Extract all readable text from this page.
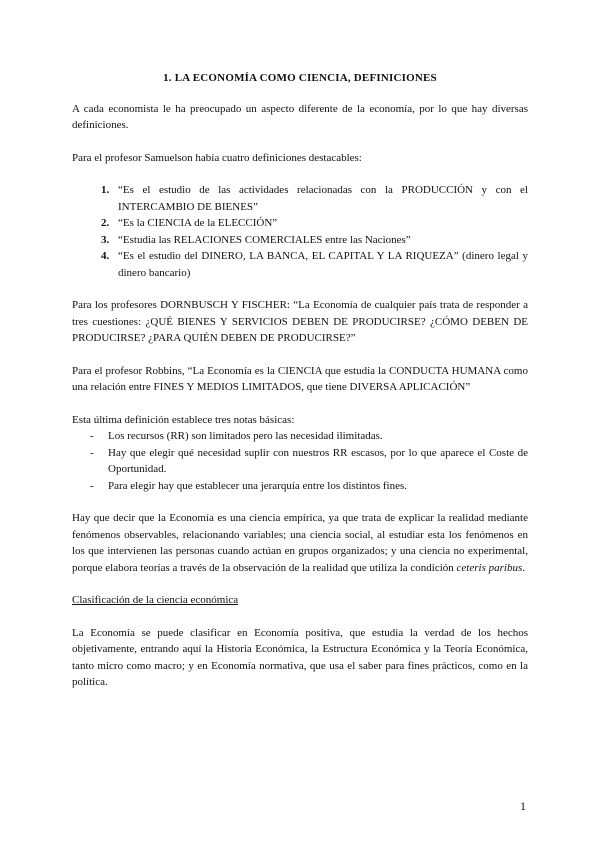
1. LA ECONOMÍA COMO CIENCIA, DEFINICIONES

A cada economista le ha preocupado un aspecto diferente de la economía, por lo que hay diversas definiciones.

Para el profesor Samuelson había cuatro definiciones destacables:

1. “Es el estudio de las actividades relacionadas con la PRODUCCIÓN y con el INTERCAMBIO DE BIENES”
2. “Es la CIENCIA de la ELECCIÓN”
3. “Estudia las RELACIONES COMERCIALES entre las Naciones”
4. “Es el estudio del DINERO, LA BANCA, EL CAPITAL Y LA RIQUEZA” (dinero legal y dinero bancario)

Para los profesores DORNBUSCH Y FISCHER: “La Economía de cualquier país trata de responder a tres cuestiones: ¿QUÉ BIENES Y SERVICIOS DEBEN DE PRODUCIRSE? ¿CÓMO DEBEN DE PRODUCIRSE? ¿PARA QUIÉN DEBEN DE PRODUCIRSE?”

Para el profesor Robbins, “La Economía es la CIENCIA que estudia la CONDUCTA HUMANA como una relación entre FINES Y MEDIOS LIMITADOS, que tiene DIVERSA APLICACIÓN”

Esta última definición establece tres notas básicas:
- Los recursos (RR) son limitados pero las necesidad ilimitadas.
- Hay que elegir qué necesidad suplir con nuestros RR escasos, por lo que aparece el Coste de Oportunidad.
- Para elegir hay que establecer una jerarquía entre los distintos fines.

Hay que decir que la Economía es una ciencia empírica, ya que trata de explicar la realidad mediante fenómenos observables, relacionando variables; una ciencia social, al estudiar esta los fenómenos en los que intervienen las personas cuando actúan en grupos organizados; y una ciencia no experimental, porque elabora teorías a través de la observación de la realidad que utiliza la condición ceteris paribus.

Clasificación de la ciencia económica

La Economía se puede clasificar en Economía positiva, que estudia la verdad de los hechos objetivamente, entrando aquí la Historia Económica, la Estructura Económica y la Teoría Económica, tanto micro como macro; y en Economía normativa, que usa el saber para fines prácticos, como en la política.

1
